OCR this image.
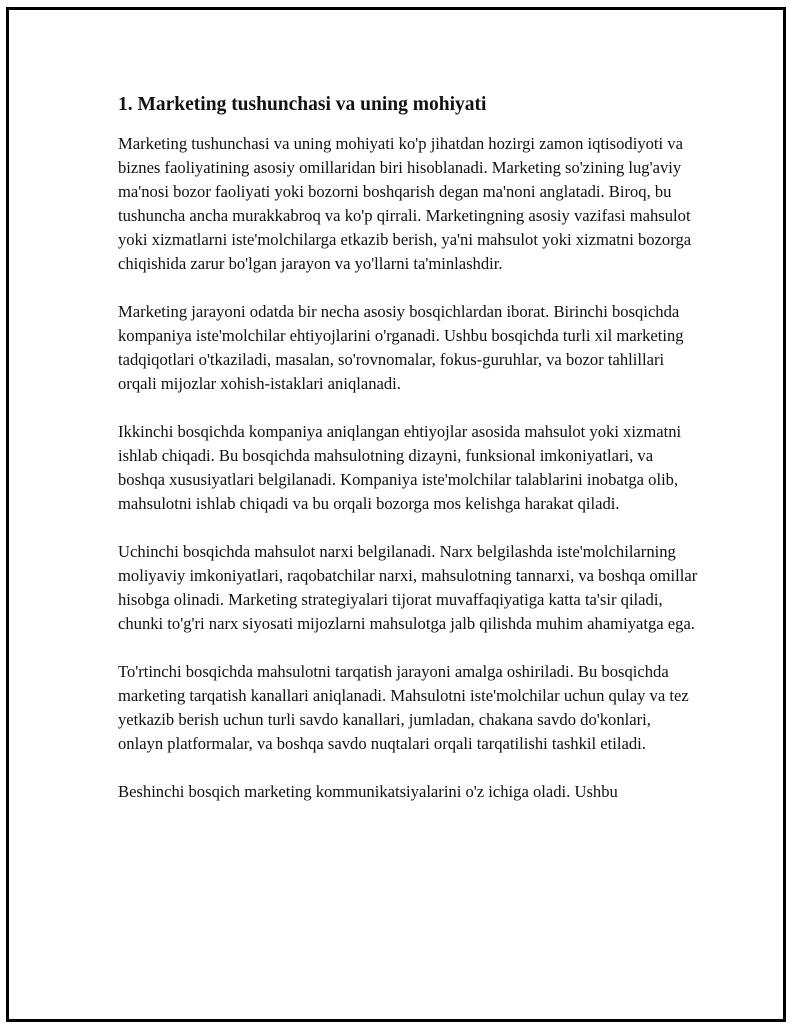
1. Marketing tushunchasi va uning mohiyati

Marketing tushunchasi va uning mohiyati ko'p jihatdan hozirgi zamon iqtisodiyoti va biznes faoliyatining asosiy omillaridan biri hisoblanadi. Marketing so'zining lug'aviy ma'nosi bozor faoliyati yoki bozorni boshqarish degan ma'noni anglatadi. Biroq, bu tushuncha ancha murakkabroq va ko'p qirrali. Marketingning asosiy vazifasi mahsulot yoki xizmatlarni iste'molchilarga etkazib berish, ya'ni mahsulot yoki xizmatni bozorga chiqishida zarur bo'lgan jarayon va yo'llarni ta'minlashdir.

Marketing jarayoni odatda bir necha asosiy bosqichlardan iborat. Birinchi bosqichda kompaniya iste'molchilar ehtiyojlarini o'rganadi. Ushbu bosqichda turli xil marketing tadqiqotlari o'tkaziladi, masalan, so'rovnomalar, fokus-guruhlar, va bozor tahlillari orqali mijozlar xohish-istaklari aniqlanadi.

Ikkinchi bosqichda kompaniya aniqlangan ehtiyojlar asosida mahsulot yoki xizmatni ishlab chiqadi. Bu bosqichda mahsulotning dizayni, funksional imkoniyatlari, va boshqa xususiyatlari belgilanadi. Kompaniya iste'molchilar talablarini inobatga olib, mahsulotni ishlab chiqadi va bu orqali bozorga mos kelishga harakat qiladi.

Uchinchi bosqichda mahsulot narxi belgilanadi. Narx belgilashda iste'molchilarning moliyaviy imkoniyatlari, raqobatchilar narxi, mahsulotning tannarxi, va boshqa omillar hisobga olinadi. Marketing strategiyalari tijorat muvaffaqiyatiga katta ta'sir qiladi, chunki to'g'ri narx siyosati mijozlarni mahsulotga jalb qilishda muhim ahamiyatga ega.

To'rtinchi bosqichda mahsulotni tarqatish jarayoni amalga oshiriladi. Bu bosqichda marketing tarqatish kanallari aniqlanadi. Mahsulotni iste'molchilar uchun qulay va tez yetkazib berish uchun turli savdo kanallari, jumladan, chakana savdo do'konlari, onlayn platformalar, va boshqa savdo nuqtalari orqali tarqatilishi tashkil etiladi.

Beshinchi bosqich marketing kommunikatsiyalarini o'z ichiga oladi. Ushbu
